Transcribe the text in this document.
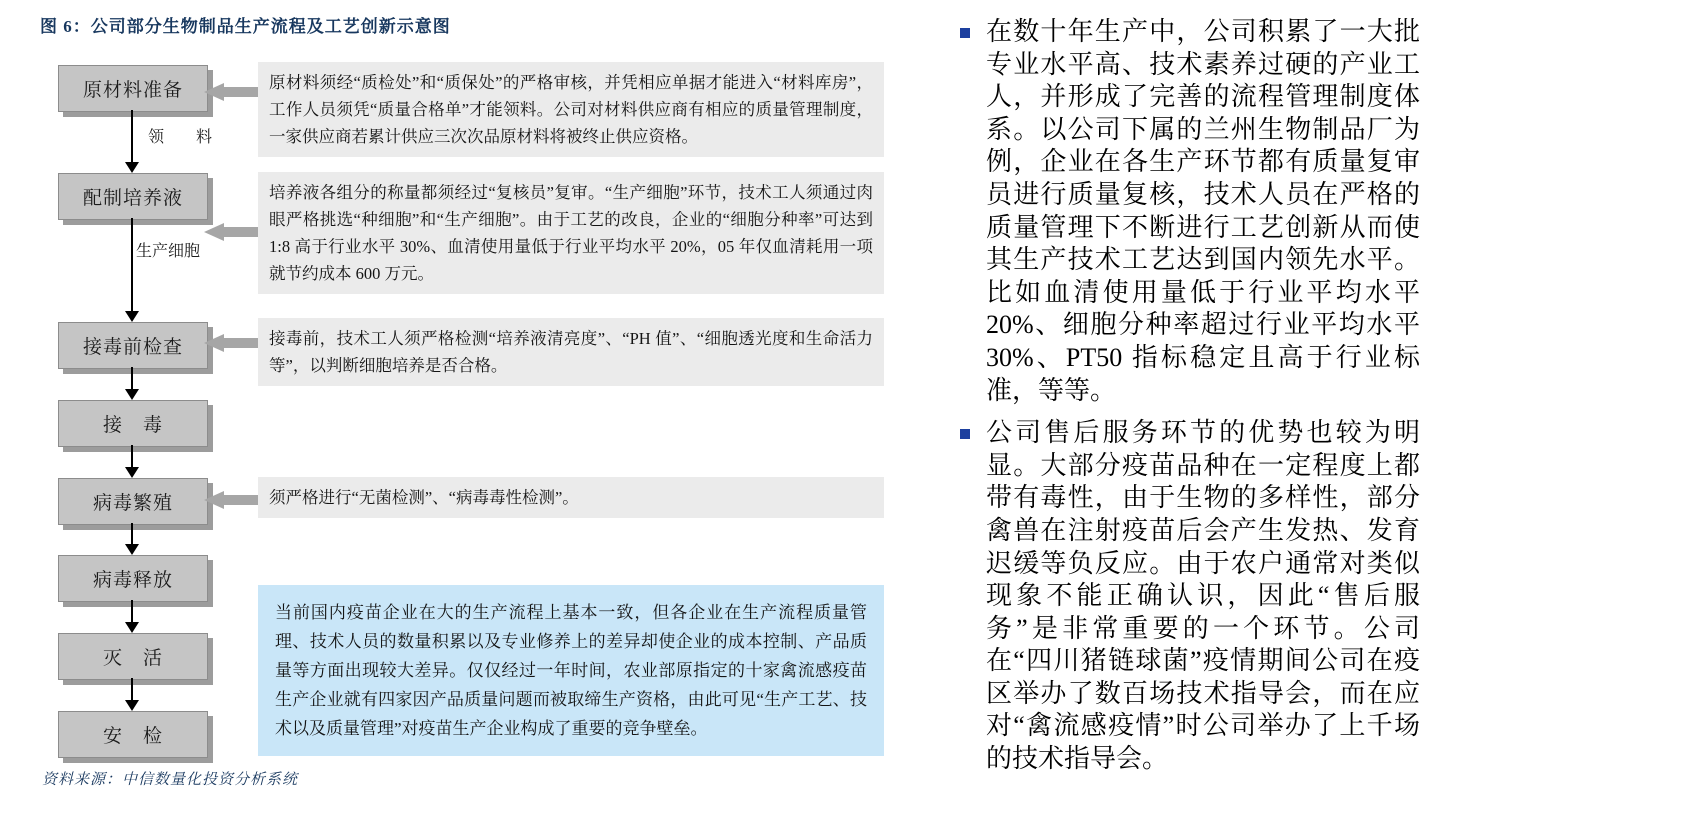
图 6：公司部分生物制品生产流程及工艺创新示意图
原材料准备
配制培养液
接毒前检查
接　毒
病毒繁殖
病毒释放
灭　活
安　检
领　　料
生产细胞
原材料须经“质检处”和“质保处”的严格审核，并凭相应单据才能进入“材料库房”，工作人员须凭“质量合格单”才能领料。公司对材料供应商有相应的质量管理制度，一家供应商若累计供应三次次品原材料将被终止供应资格。
培养液各组分的称量都须经过“复核员”复审。“生产细胞”环节，技术工人须通过肉眼严格挑选“种细胞”和“生产细胞”。由于工艺的改良，企业的“细胞分种率”可达到 1:8 高于行业水平 30%、血清使用量低于行业平均水平 20%，05 年仅血清耗用一项就节约成本 600 万元。
接毒前，技术工人须严格检测“培养液清亮度”、“PH 值”、“细胞透光度和生命活力等”，以判断细胞培养是否合格。
须严格进行“无菌检测”、“病毒毒性检测”。
当前国内疫苗企业在大的生产流程上基本一致，但各企业在生产流程质量管理、技术人员的数量积累以及专业修养上的差异却使企业的成本控制、产品质量等方面出现较大差异。仅仅经过一年时间，农业部原指定的十家禽流感疫苗生产企业就有四家因产品质量问题而被取缔生产资格，由此可见“生产工艺、技术以及质量管理”对疫苗生产企业构成了重要的竞争壁垒。
资料来源：中信数量化投资分析系统
在数十年生产中，公司积累了一大批专业水平高、技术素养过硬的产业工人，并形成了完善的流程管理制度体系。以公司下属的兰州生物制品厂为例，企业在各生产环节都有质量复审员进行质量复核，技术人员在严格的质量管理下不断进行工艺创新从而使其生产技术工艺达到国内领先水平。比如血清使用量低于行业平均水平20%、细胞分种率超过行业平均水平30%、PT50 指标稳定且高于行业标准，等等。
公司售后服务环节的优势也较为明显。大部分疫苗品种在一定程度上都带有毒性，由于生物的多样性，部分禽兽在注射疫苗后会产生发热、发育迟缓等负反应。由于农户通常对类似现象不能正确认识，因此“售后服务”是非常重要的一个环节。公司在“四川猪链球菌”疫情期间公司在疫区举办了数百场技术指导会，而在应对“禽流感疫情”时公司举办了上千场的技术指导会。
